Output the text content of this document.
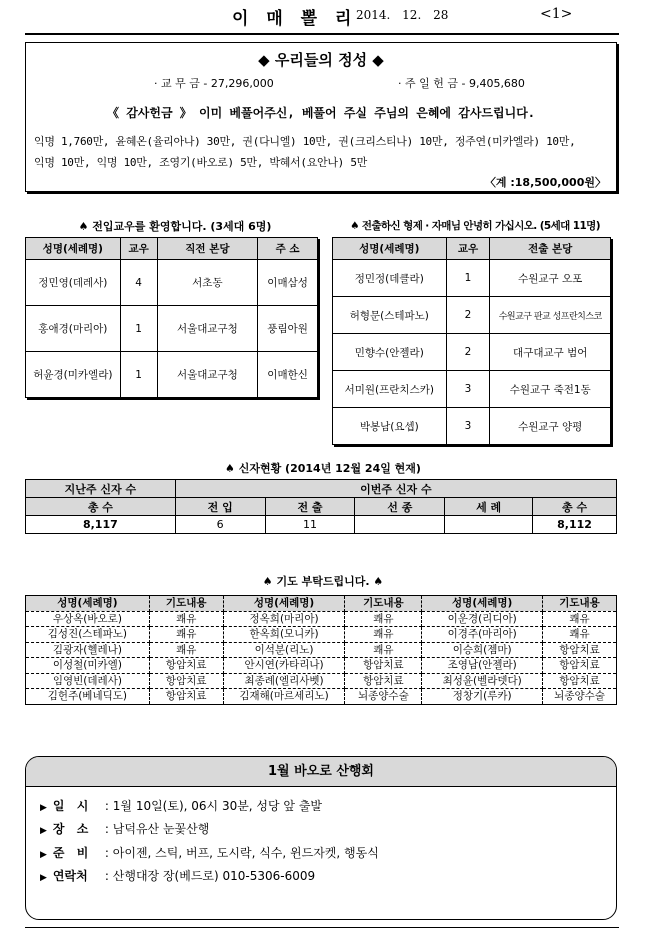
이 매 뽈 리
2014. 12. 28	<1>
◆ 우리들의 정성 ◆
· 교 무 금 - 27,296,000	· 주 일 헌 금 - 9,405,680
《 감사헌금 》 이미 베풀어주신, 베풀어 주실 주님의 은혜에 감사드립니다.
익명 1,760만, 윤혜온(율리아나) 30만, 권(다니엘) 10만, 권(크리스티나) 10만, 정주연(미카엘라) 10만,
익명 10만, 익명 10만, 조영기(바오로) 5만, 박혜서(요안나) 5만
〈계 :18,500,000원〉
♠ 전입교우를 환영합니다. (3세대 6명)
성명(세례명)	교우	직전 본당	주 소
정민영(데레사)	4	서초동	이매삼성
홍애경(마리아)	1	서울대교구청	풍림아원
허윤경(미카엘라)	1	서울대교구청	이매한신
♠ 전출하신 형제 · 자매님 안녕히 가십시오. (5세대 11명)
성명(세례명)	교우	전출 본당
정민정(데클라)	1	수원교구 오포
허형문(스테파노)	2	수원교구 판교 성프란치스코
민향수(안젤라)	2	대구대교구 범어
서미원(프란치스카)	3	수원교구 죽전1동
박봉남(요셉)	3	수원교구 양평
♠ 신자현황 (2014년 12월 24일 현재)
지난주 신자 수	이번주 신자 수				
총 수	전 입	전 출	선 종	세 례	총 수
8,117	6	11			8,112
♠ 기도 부탁드립니다. ♠
성명(세례명)	기도내용	성명(세례명)	기도내용	성명(세례명)	기도내용
우상옥(바오로)	쾌유	정옥희(마리아)	쾌유	이운경(리디아)	쾌유
김성진(스테파노)	쾌유	한옥희(모니카)	쾌유	이경주(마리아)	쾌유
김광자(헬레나)	쾌유	이석분(리노)	쾌유	이승희(젬마)	항암치료
이성철(미카엘)	항암치료	안시연(카타리나)	항암치료	조영남(안젤라)	항암치료
임영빈(데레사)	항암치료	최종례(엘리사벳)	항암치료	최성윤(벨라뎃다)	항암치료
김헌주(베네딕도)	항암치료	김재해(마르세리노)	뇌종양수술	정창기(루카)	뇌종양수술
1월 바오로 산행회
▶ 일 시 : 1월 10일(토), 06시 30분, 성당 앞 출발
▶ 장 소 : 남덕유산 눈꽃산행
▶ 준 비 : 아이젠, 스틱, 버프, 도시락, 식수, 윈드자켓, 행동식
▶ 연락처 : 산행대장 장(베드로) 010-5306-6009
